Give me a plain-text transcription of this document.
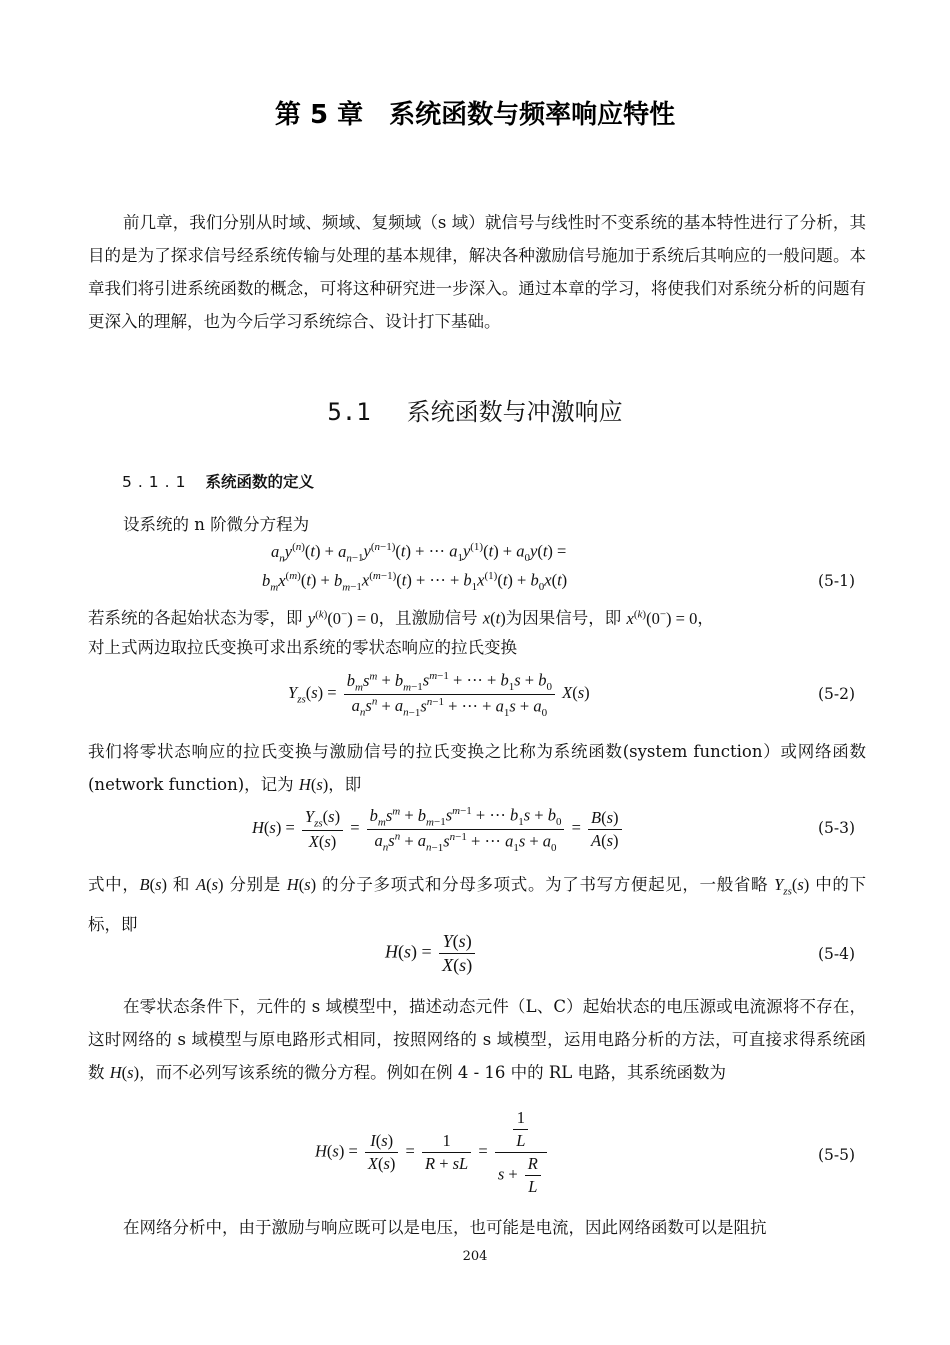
第 5 章　系统函数与频率响应特性
前几章，我们分别从时域、频域、复频域（s 域）就信号与线性时不变系统的基本特性进行了分析，其目的是为了探求信号经系统传输与处理的基本规律，解决各种激励信号施加于系统后其响应的一般问题。本章我们将引进系统函数的概念，可将这种研究进一步深入。通过本章的学习，将使我们对系统分析的问题有更深入的理解，也为今后学习系统综合、设计打下基础。
5.1 系统函数与冲激响应
5.1.1 系统函数的定义
设系统的 n 阶微分方程为
$a_ny^{(n)}(t) + a_{n-1}y^{(n-1)}(t)$ + ··· $a_1y^{(1)}(t) + a_0y(t)$ =
$b_mx^{(m)}(t) + b_{m-1}x^{(m-1)}(t)$ + ··· + $b_1x^{(1)}(t) + b_0x(t)$	(5-1)
若系统的各起始状态为零，即 $y^{(k)}(0^-) = 0$，且激励信号 x(t)为因果信号，即 $x^{(k)}(0^-) = 0$，
对上式两边取拉氏变换可求出系统的零状态响应的拉氏变换
$Y_{zs}(s) = \frac{b_ms^m + b_{m-1}s^{m-1} + \cdot\cdot\cdot + b_1s + b_0}{a_ns^n + a_{n-1}s^{n-1} + \cdot\cdot\cdot + a_1s + a_0} X(s)$	(5-2)
我们将零状态响应的拉氏变换与激励信号的拉氏变换之比称为系统函数(system function）或网络函数(network function)，记为 H(s)，即
$H(s) = \frac{Y_{zs}(s)}{X(s)} = \frac{b_ms^m + b_{m-1}s^{m-1} + \cdot\cdot\cdot b_1s + b_0}{a_ns^n + a_{n-1}s^{n-1} + \cdot\cdot\cdot a_1s + a_0} = \frac{B(s)}{A(s)}$	(5-3)
式中，B(s) 和 A(s) 分别是 H(s) 的分子多项式和分母多项式。为了书写方便起见，一般省略 $Y_{zs}(s)$ 中的下标，即
$H(s) = \frac{Y(s)}{X(s)}$	(5-4)
在零状态条件下，元件的 s 域模型中，描述动态元件（L、C）起始状态的电压源或电流源将不存在，这时网络的 s 域模型与原电路形式相同，按照网络的 s 域模型，运用电路分析的方法，可直接求得系统函数 H(s)，而不必列写该系统的微分方程。例如在例 4 - 16 中的 RL 电路，其系统函数为
$H(s) = \frac{I(s)}{X(s)} = \frac{1}{R + sL} = \frac{\frac{1}{L}}{s + \frac{R}{L}}$	(5-5)
在网络分析中，由于激励与响应既可以是电压，也可能是电流，因此网络函数可以是阻抗
204
